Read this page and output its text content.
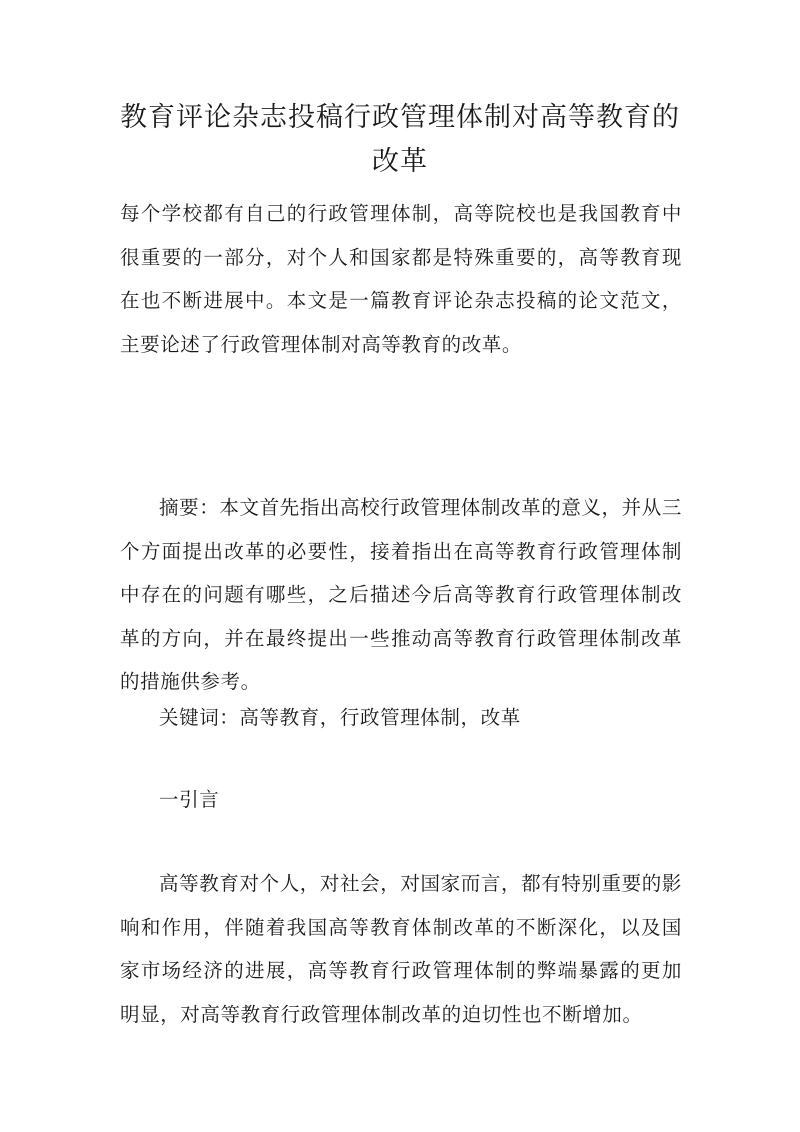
教育评论杂志投稿行政管理体制对高等教育的改革

每个学校都有自己的行政管理体制，高等院校也是我国教育中很重要的一部分，对个人和国家都是特殊重要的，高等教育现在也不断进展中。本文是一篇教育评论杂志投稿的论文范文，主要论述了行政管理体制对高等教育的改革。

摘要：本文首先指出高校行政管理体制改革的意义，并从三个方面提出改革的必要性，接着指出在高等教育行政管理体制中存在的问题有哪些，之后描述今后高等教育行政管理体制改革的方向，并在最终提出一些推动高等教育行政管理体制改革的措施供参考。

关键词：高等教育，行政管理体制，改革

一引言

高等教育对个人，对社会，对国家而言，都有特别重要的影响和作用，伴随着我国高等教育体制改革的不断深化，以及国家市场经济的进展，高等教育行政管理体制的弊端暴露的更加明显，对高等教育行政管理体制改革的迫切性也不断增加。
